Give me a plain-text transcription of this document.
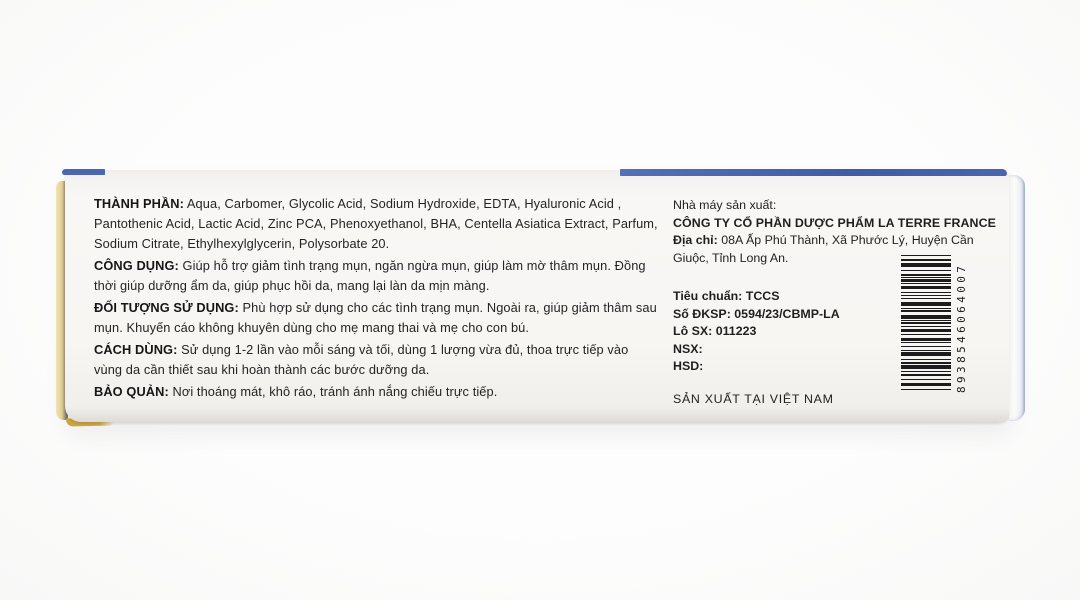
THÀNH PHẦN: Aqua, Carbomer, Glycolic Acid, Sodium Hydroxide, EDTA, Hyaluronic Acid , Pantothenic Acid, Lactic Acid, Zinc PCA, Phenoxyethanol, BHA, Centella Asiatica Extract, Parfum, Sodium Citrate, Ethylhexylglycerin, Polysorbate 20.

CÔNG DỤNG: Giúp hỗ trợ giảm tình trạng mụn, ngăn ngừa mụn, giúp làm mờ thâm mụn. Đồng thời giúp dưỡng ẩm da, giúp phục hồi da, mang lại làn da mịn màng.

ĐỐI TƯỢNG SỬ DỤNG: Phù hợp sử dụng cho các tình trạng mụn. Ngoài ra, giúp giảm thâm sau mụn. Khuyến cáo không khuyên dùng cho mẹ mang thai và mẹ cho con bú.

CÁCH DÙNG: Sử dụng 1-2 lần vào mỗi sáng và tối, dùng 1 lượng vừa đủ, thoa trực tiếp vào vùng da cần thiết sau khi hoàn thành các bước dưỡng da.

BẢO QUẢN: Nơi thoáng mát, khô ráo, tránh ánh nắng chiếu trực tiếp.

Nhà máy sản xuất:
CÔNG TY CỔ PHẦN DƯỢC PHẨM LA TERRE FRANCE
Địa chỉ: 08A Ấp Phú Thành, Xã Phước Lý, Huyện Cần Giuộc, Tỉnh Long An.
Tiêu chuẩn: TCCS
Số ĐKSP: 0594/23/CBMP-LA
Lô SX: 011223
NSX:
HSD:
SẢN XUẤT TẠI VIỆT NAM
8938546064007
